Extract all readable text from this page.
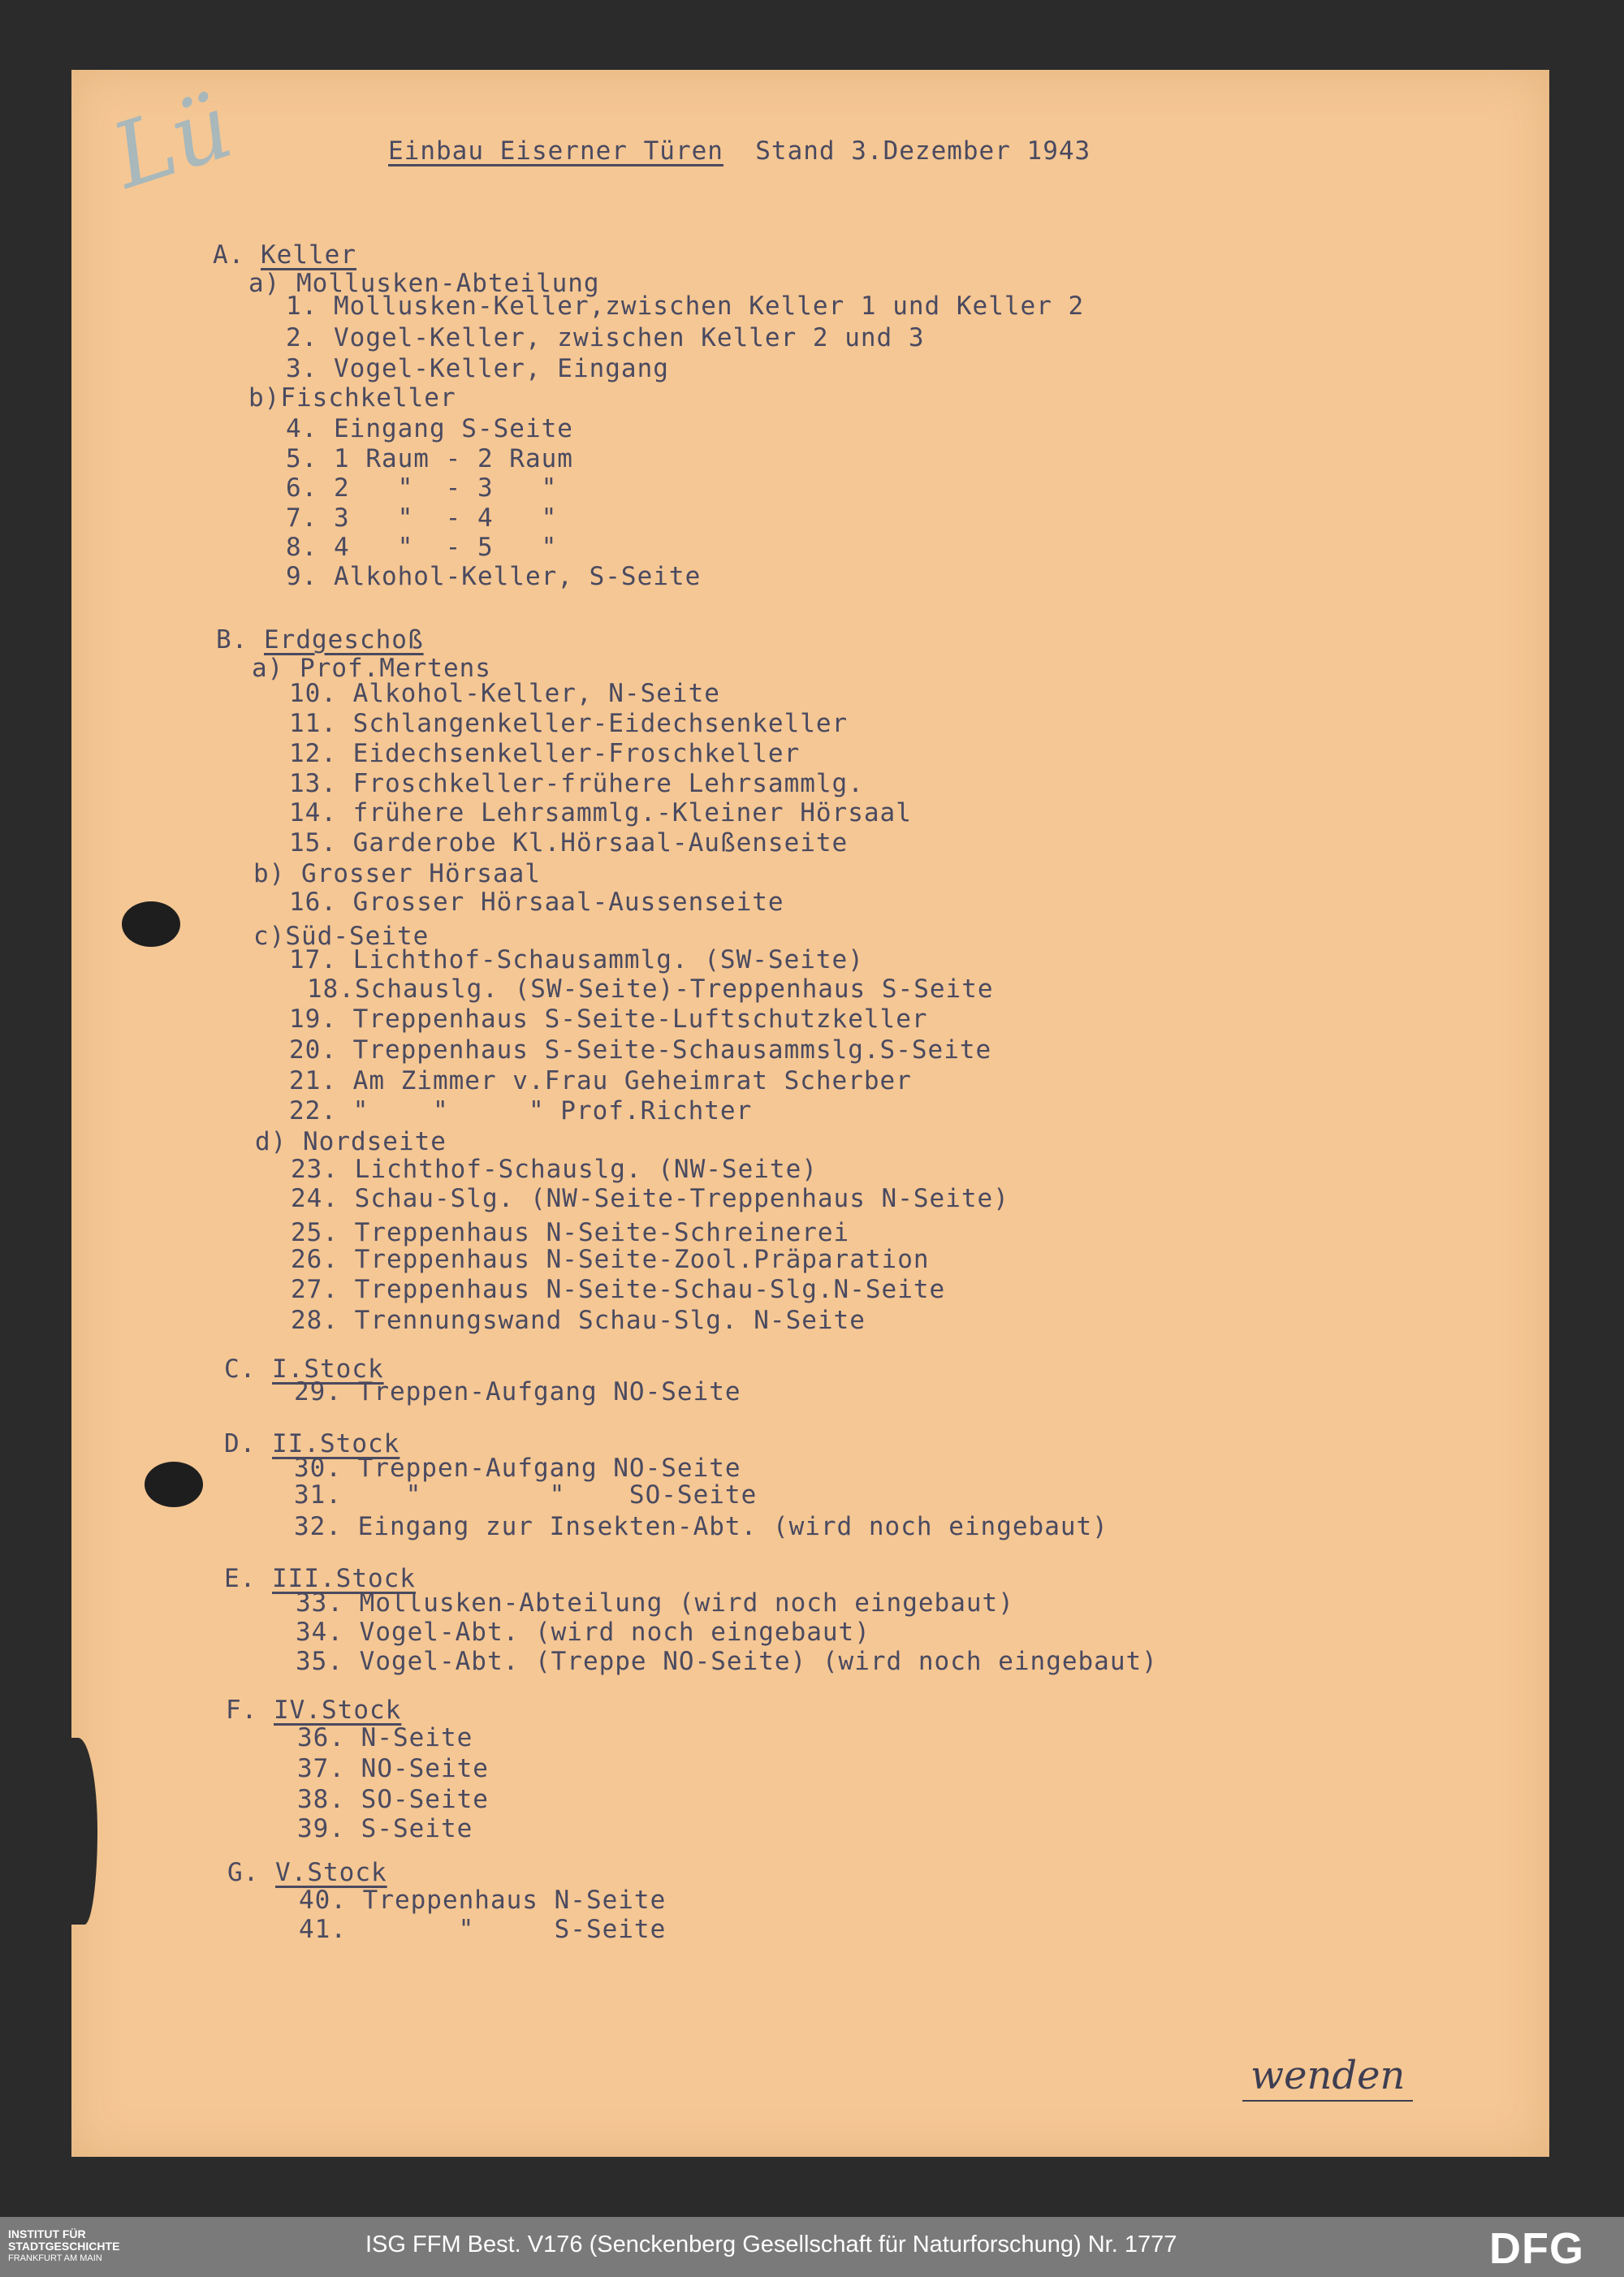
Lü	Einbau Eiserner Türen Stand 3.Dezember 1943
A. Keller
a) Mollusken-Abteilung
1. Mollusken-Keller,zwischen Keller 1 und Keller 2
2. Vogel-Keller, zwischen Keller 2 und 3
3. Vogel-Keller, Eingang
b)Fischkeller
4. Eingang S-Seite
5. 1 Raum - 2 Raum
6. 2   "  - 3   "
7. 3   "  - 4   "
8. 4   "  - 5   "
9. Alkohol-Keller, S-Seite
B. Erdgeschoß
a) Prof.Mertens
10. Alkohol-Keller, N-Seite
11. Schlangenkeller-Eidechsenkeller
12. Eidechsenkeller-Froschkeller
13. Froschkeller-frühere Lehrsammlg.
14. frühere Lehrsammlg.-Kleiner Hörsaal
15. Garderobe Kl.Hörsaal-Außenseite
b) Grosser Hörsaal
16. Grosser Hörsaal-Aussenseite
c)Süd-Seite
17. Lichthof-Schausammlg. (SW-Seite)
18.Schauslg. (SW-Seite)-Treppenhaus S-Seite
19. Treppenhaus S-Seite-Luftschutzkeller
20. Treppenhaus S-Seite-Schausammslg.S-Seite
21. Am Zimmer v.Frau Geheimrat Scherber
22. "    "     " Prof.Richter
d) Nordseite
23. Lichthof-Schauslg. (NW-Seite)
24. Schau-Slg. (NW-Seite-Treppenhaus N-Seite)
25. Treppenhaus N-Seite-Schreinerei
26. Treppenhaus N-Seite-Zool.Präparation
27. Treppenhaus N-Seite-Schau-Slg.N-Seite
28. Trennungswand Schau-Slg. N-Seite
C. I.Stock
29. Treppen-Aufgang NO-Seite
D. II.Stock
30. Treppen-Aufgang NO-Seite
31.    "        "    SO-Seite
32. Eingang zur Insekten-Abt. (wird noch eingebaut)
E. III.Stock
33. Mollusken-Abteilung (wird noch eingebaut)
34. Vogel-Abt. (wird noch eingebaut)
35. Vogel-Abt. (Treppe NO-Seite) (wird noch eingebaut)
F. IV.Stock
36. N-Seite
37. NO-Seite
38. SO-Seite
39. S-Seite
G. V.Stock
40. Treppenhaus N-Seite
41.       "     S-Seite
wenden
INSTITUT FÜR
STADTGESCHICHTE
FRANKFURT AM MAIN
ISG FFM Best. V176 (Senckenberg Gesellschaft für Naturforschung) Nr. 1777	DFG
